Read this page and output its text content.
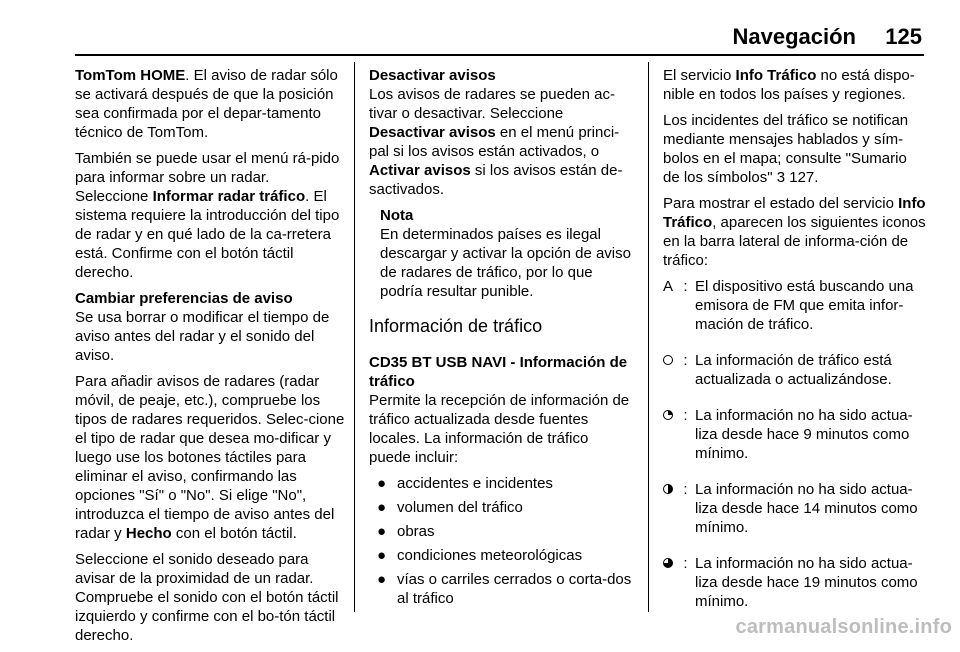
Navegación 125

TomTom HOME. El aviso de radar sólo se activará después de que la posición sea confirmada por el depar-tamento técnico de TomTom.

También se puede usar el menú rá-pido para informar sobre un radar. Seleccione Informar radar tráfico. El sistema requiere la introducción del tipo de radar y en qué lado de la ca-rretera está. Confirme con el botón táctil derecho.

Cambiar preferencias de aviso

Se usa borrar o modificar el tiempo de aviso antes del radar y el sonido del aviso.

Para añadir avisos de radares (radar móvil, de peaje, etc.), compruebe los tipos de radares requeridos. Selec-cione el tipo de radar que desea mo-dificar y luego use los botones táctiles para eliminar el aviso, confirmando las opciones "Sí" o "No". Si elige "No", introduzca el tiempo de aviso antes del radar y Hecho con el botón táctil.

Seleccione el sonido deseado para avisar de la proximidad de un radar. Compruebe el sonido con el botón táctil izquierdo y confirme con el bo-tón táctil derecho.

Desactivar avisos

Los avisos de radares se pueden ac-tivar o desactivar. Seleccione Desactivar avisos en el menú princi-pal si los avisos están activados, o Activar avisos si los avisos están de-sactivados.

Nota
En determinados países es ilegal descargar y activar la opción de aviso de radares de tráfico, por lo que podría resultar punible.
Información de tráfico

CD35 BT USB NAVI - Información de tráfico

Permite la recepción de información de tráfico actualizada desde fuentes locales. La información de tráfico puede incluir:

● accidentes e incidentes
● volumen del tráfico
● obras
● condiciones meteorológicas
● vías o carriles cerrados o corta-dos al tráfico

El servicio Info Tráfico no está dispo-nible en todos los países y regiones.

Los incidentes del tráfico se notifican mediante mensajes hablados y sím-bolos en el mapa; consulte "Sumario de los símbolos" 3 127.

Para mostrar el estado del servicio Info Tráfico, aparecen los siguientes iconos en la barra lateral de informa-ción de tráfico:

A : El dispositivo está buscando una emisora de FM que emita infor-mación de tráfico.
: La información de tráfico está actualizada o actualizándose.
: La información no ha sido actua-liza desde hace 9 minutos como mínimo.
: La información no ha sido actua-liza desde hace 14 minutos como mínimo.
: La información no ha sido actua-liza desde hace 19 minutos como mínimo.
carmanualsonline.info
